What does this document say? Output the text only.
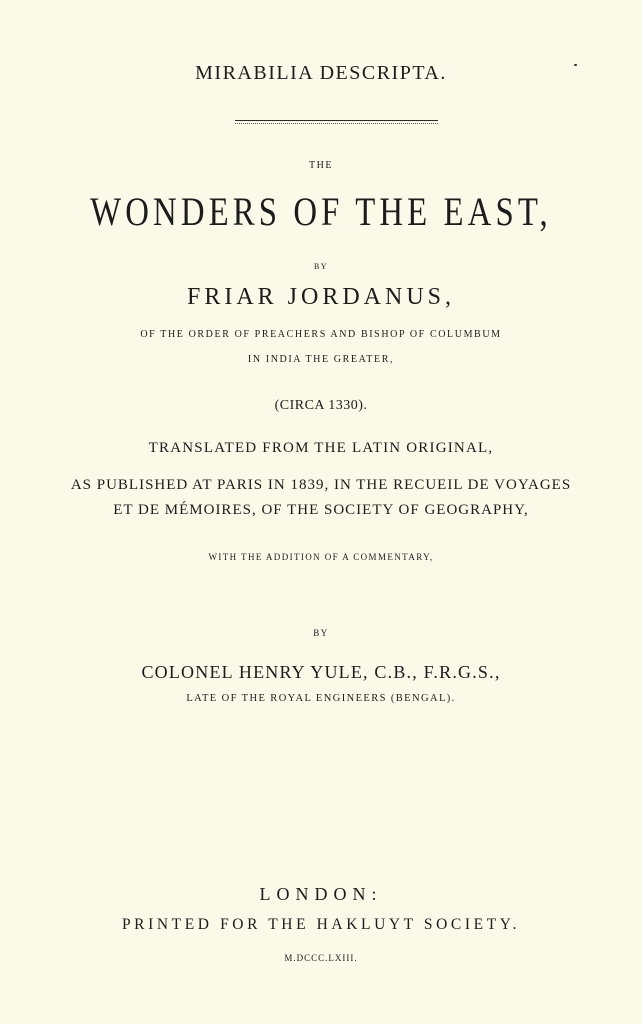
MIRABILIA DESCRIPTA.
THE
WONDERS OF THE EAST,
BY
FRIAR JORDANUS,
OF THE ORDER OF PREACHERS AND BISHOP OF COLUMBUM
IN INDIA THE GREATER,
(CIRCA 1330).
TRANSLATED FROM THE LATIN ORIGINAL,
AS PUBLISHED AT PARIS IN 1839, IN THE RECUEIL DE VOYAGES
ET DE MÉMOIRES, OF THE SOCIETY OF GEOGRAPHY,
WITH THE ADDITION OF A COMMENTARY,
BY
COLONEL HENRY YULE, C.B., F.R.G.S.,
LATE OF THE ROYAL ENGINEERS (BENGAL).
LONDON:
PRINTED FOR THE HAKLUYT SOCIETY.
M.DCCC.LXIII.
